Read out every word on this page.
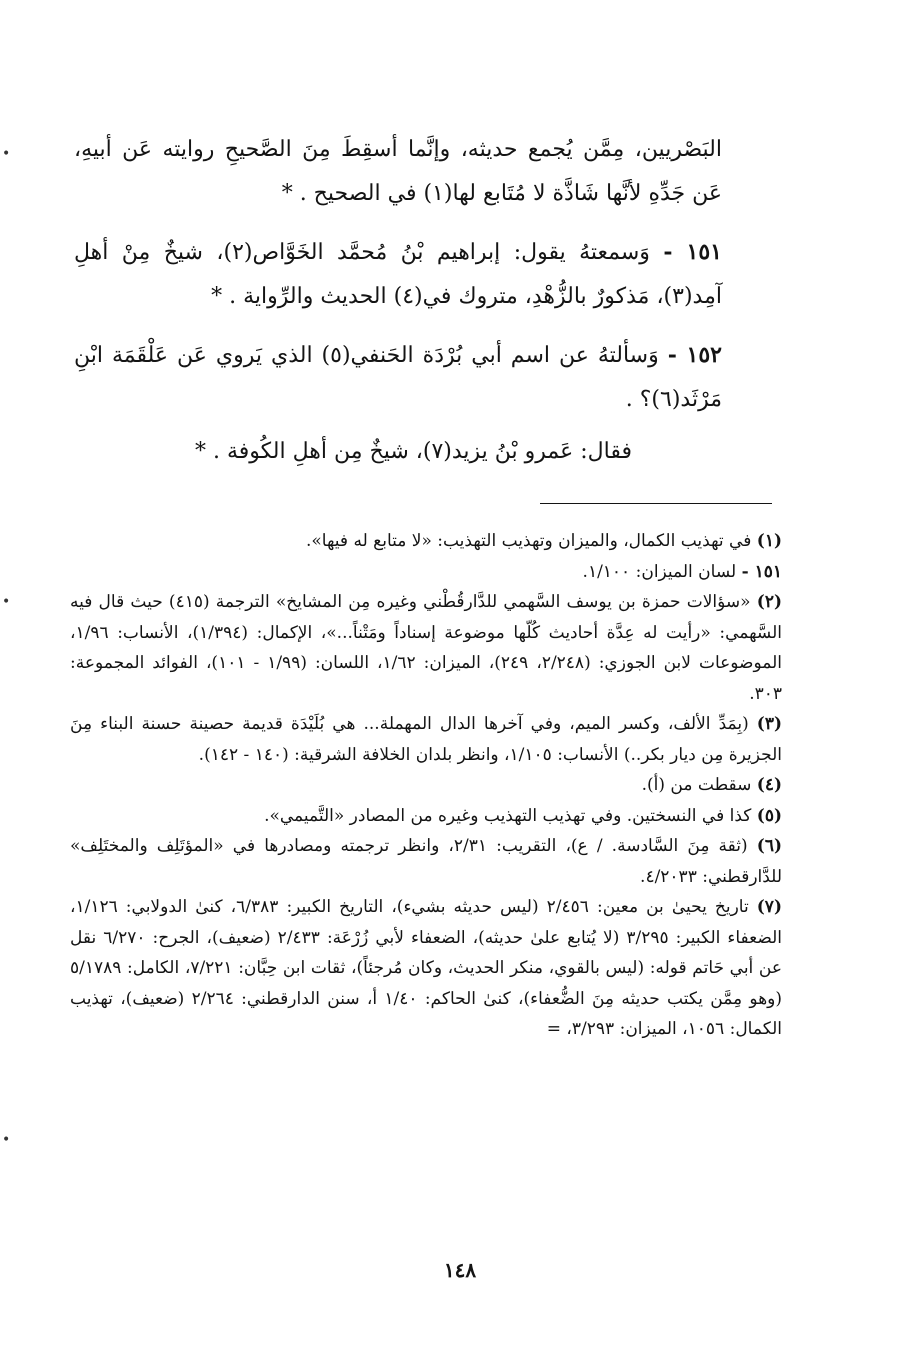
•
•
•

البَصْريين، مِمَّن يُجمع حديثه، وإنَّما أسقِطَ مِنَ الصَّحيحِ روايته عَن أبيهِ، عَن جَدِّهِ لأنَّها شَاذَّة لا مُتَابع لها(١) في الصحيح . *

١٥١ - وَسمعتهُ يقول: إبراهيم بْنُ مُحمَّد الخَوَّاص(٢)، شيخٌ مِنْ أهلِ آمِد(٣)، مَذكورٌ بالزُّهْدِ، متروك في(٤) الحديث والرِّواية . *

١٥٢ - وَسألتهُ عن اسم أبي بُرْدَة الحَنفي(٥) الذي يَروي عَن عَلْقَمَة ابْنِ مَرْثَد(٦)؟ .

فقال: عَمرو بْنُ يزيد(٧)، شيخٌ مِن أهلِ الكُوفة . *

(١) في تهذيب الكمال، والميزان وتهذيب التهذيب: «لا متابع له فيها».

١٥١ - لسان الميزان: ١/١٠٠.

(٢) «سؤالات حمزة بن يوسف السَّهمي للدَّارقُطْني وغيره مِن المشايخ» الترجمة (٤١٥) حيث قال فيه السَّهمي: «رأيت له عِدَّة أحاديث كُلّها موضوعة إسناداً ومَتْناً...»، الإكمال: (١/٣٩٤)، الأنساب: ١/٩٦، الموضوعات لابن الجوزي: (٢/٢٤٨، ٢٤٩)، الميزان: ١/٦٢، اللسان: (١/٩٩ - ١٠١)، الفوائد المجموعة: ٣٠٣.

(٣) (بِمَدِّ الألف، وكسر الميم، وفي آخرها الدال المهملة... هي بُلَيْدَة قديمة حصينة حسنة البناء مِنَ الجزيرة مِن ديار بكر..) الأنساب: ١/١٠٥، وانظر بلدان الخلافة الشرقية: (١٤٠ - ١٤٢).

(٤) سقطت من (أ).

(٥) كذا في النسختين. وفي تهذيب التهذيب وغيره من المصادر «التَّميمي».

(٦) (ثقة مِنَ السَّادسة. / ع)، التقريب: ٢/٣١، وانظر ترجمته ومصادرها في «المؤتَلِف والمختَلِف» للدَّارقطني: ٤/٢٠٣٣.

(٧) تاريخ يحيىٰ بن معين: ٢/٤٥٦ (ليس حديثه بشيء)، التاريخ الكبير: ٦/٣٨٣، كنىٰ الدولابي: ١/١٢٦، الضعفاء الكبير: ٣/٢٩٥ (لا يُتابع علىٰ حديثه)، الضعفاء لأبي زُرْعَة: ٢/٤٣٣ (ضعيف)، الجرح: ٦/٢٧٠ نقل عن أبي حَاتم قوله: (ليس بالقوي، منكر الحديث، وكان مُرجئاً)، ثقات ابن حِبَّان: ٧/٢٢١، الكامل: ٥/١٧٨٩ (وهو مِمَّن يكتب حديثه مِنَ الضُّعفاء)، كنىٰ الحاكم: ١/٤٠ أ، سنن الدارقطني: ٢/٢٦٤ (ضعيف)، تهذيب الكمال: ١٠٥٦، الميزان: ٣/٢٩٣، =

١٤٨
